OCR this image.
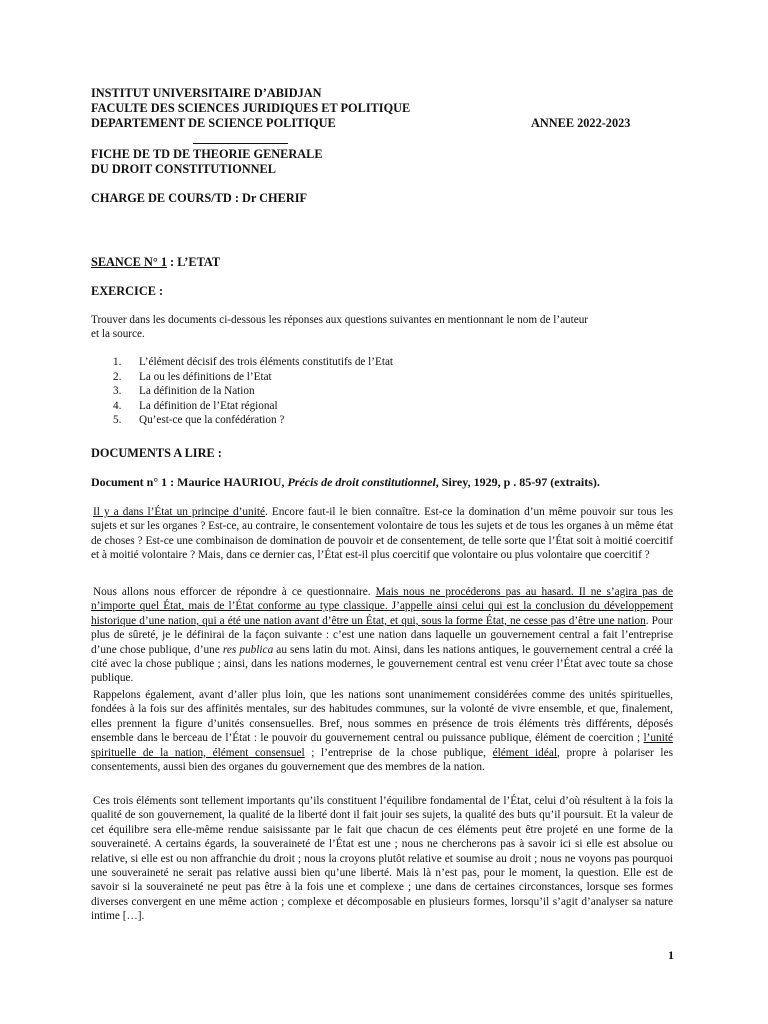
INSTITUT UNIVERSITAIRE D’ABIDJAN
FACULTE DES SCIENCES JURIDIQUES ET POLITIQUE
DEPARTEMENT DE SCIENCE POLITIQUE	ANNEE 2022-2023
FICHE DE TD DE THEORIE GENERALE
DU DROIT CONSTITUTIONNEL
CHARGE DE COURS/TD : Dr CHERIF
SEANCE N° 1 : L’ETAT
EXERCICE :
Trouver dans les documents ci-dessous les réponses aux questions suivantes en mentionnant le nom de l’auteur
et la source.
1.	L’élément décisif des trois éléments constitutifs de l’Etat
2.	La ou les définitions de l’Etat
3.	La définition de la Nation
4.	La définition de l’Etat régional
5.	Qu’est-ce que la confédération ?
DOCUMENTS A LIRE :
Document n° 1 : Maurice HAURIOU, Précis de droit constitutionnel, Sirey, 1929, p . 85-97 (extraits).

Il y a dans l’État un principe d’unité. Encore faut-il le bien connaître. Est-ce la domination d’un même pouvoir sur tous les sujets et sur les organes ? Est-ce, au contraire, le consentement volontaire de tous les sujets et de tous les organes à un même état de choses ? Est-ce une combinaison de domination de pouvoir et de consentement, de telle sorte que l’État soit à moitié coercitif et à moitié volontaire ? Mais, dans ce dernier cas, l’État est-il plus coercitif que volontaire ou plus volontaire que coercitif ?

Nous allons nous efforcer de répondre à ce questionnaire. Mais nous ne procéderons pas au hasard. Il ne s’agira pas de n’importe quel État, mais de l’État conforme au type classique. J’appelle ainsi celui qui est la conclusion du développement historique d’une nation, qui a été une nation avant d’être un État, et qui, sous la forme État, ne cesse pas d’être une nation. Pour plus de sûreté, je le définirai de la façon suivante : c’est une nation dans laquelle un gouvernement central a fait l’entreprise d’une chose publique, d’une res publica au sens latin du mot. Ainsi, dans les nations antiques, le gouvernement central a créé la cité avec la chose publique ; ainsi, dans les nations modernes, le gouvernement central est venu créer l’État avec toute sa chose publique.

Rappelons également, avant d’aller plus loin, que les nations sont unanimement considérées comme des unités spirituelles, fondées à la fois sur des affinités mentales, sur des habitudes communes, sur la volonté de vivre ensemble, et que, finalement, elles prennent la figure d’unités consensuelles. Bref, nous sommes en présence de trois éléments très différents, déposés ensemble dans le berceau de l’État : le pouvoir du gouvernement central ou puissance publique, élément de coercition ; l’unité spirituelle de la nation, élément consensuel ; l’entreprise de la chose publique, élément idéal, propre à polariser les consentements, aussi bien des organes du gouvernement que des membres de la nation.

Ces trois éléments sont tellement importants qu’ils constituent l’équilibre fondamental de l’État, celui d’où résultent à la fois la qualité de son gouvernement, la qualité de la liberté dont il fait jouir ses sujets, la qualité des buts qu’il poursuit. Et la valeur de cet équilibre sera elle-même rendue saisissante par le fait que chacun de ces éléments peut être projeté en une forme de la souveraineté. A certains égards, la souveraineté de l’État est une ; nous ne chercherons pas à savoir ici si elle est absolue ou relative, si elle est ou non affranchie du droit ; nous la croyons plutôt relative et soumise au droit ; nous ne voyons pas pourquoi une souveraineté ne serait pas relative aussi bien qu’une liberté. Mais là n’est pas, pour le moment, la question. Elle est de savoir si la souveraineté ne peut pas être à la fois une et complexe ; une dans de certaines circonstances, lorsque ses formes diverses convergent en une même action ; complexe et décomposable en plusieurs formes, lorsqu’il s’agit d’analyser sa nature intime […].

1
